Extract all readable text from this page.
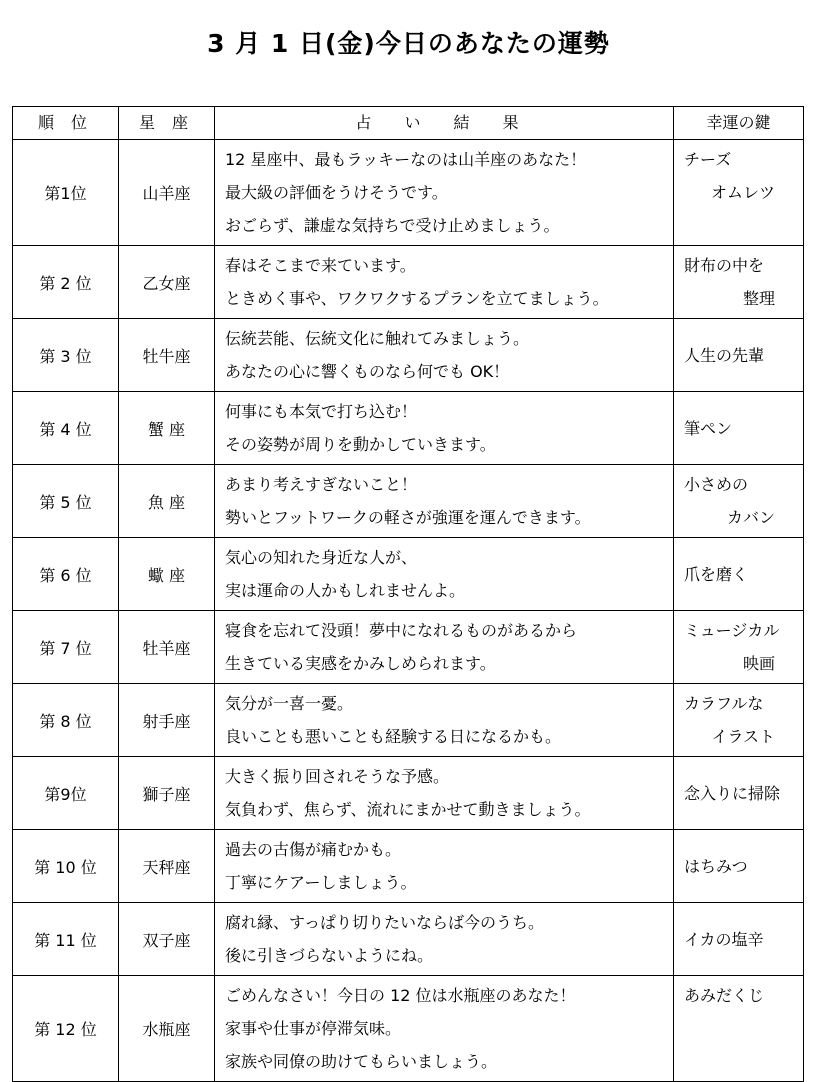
3 月 1 日(金)今日のあなたの運勢
順 位	星 座	占 い 結 果	幸運の鍵
第1位	山羊座	12 星座中、最もラッキーなのは山羊座のあなた！
最大級の評価をうけそうです。
おごらず、謙虚な気持ちで受け止めましょう。	チーズ
オムレツ

第 2 位	乙女座	春はそこまで来ています。
ときめく事や、ワクワクするプランを立てましょう。	財布の中を
整理

第 3 位	牡牛座	伝統芸能、伝統文化に触れてみましょう。
あなたの心に響くものなら何でも OK！	人生の先輩

第 4 位	蟹 座	何事にも本気で打ち込む！
その姿勢が周りを動かしていきます。	筆ペン

第 5 位	魚 座	あまり考えすぎないこと！
勢いとフットワークの軽さが強運を運んできます。	小さめの
カバン

第 6 位	蠍 座	気心の知れた身近な人が、
実は運命の人かもしれませんよ。	爪を磨く

第 7 位	牡羊座	寝食を忘れて没頭！夢中になれるものがあるから
生きている実感をかみしめられます。	ミュージカル
映画

第 8 位	射手座	気分が一喜一憂。
良いことも悪いことも経験する日になるかも。	カラフルな
イラスト

第9位	獅子座	大きく振り回されそうな予感。
気負わず、焦らず、流れにまかせて動きましょう。	念入りに掃除

第 10 位	天秤座	過去の古傷が痛むかも。
丁寧にケアーしましょう。	はちみつ

第 11 位	双子座	腐れ縁、すっぱり切りたいならば今のうち。
後に引きづらないようにね。	イカの塩辛

第 12 位	水瓶座	ごめんなさい！今日の 12 位は水瓶座のあなた！
家事や仕事が停滞気味。
家族や同僚の助けてもらいましょう。	あみだくじ
